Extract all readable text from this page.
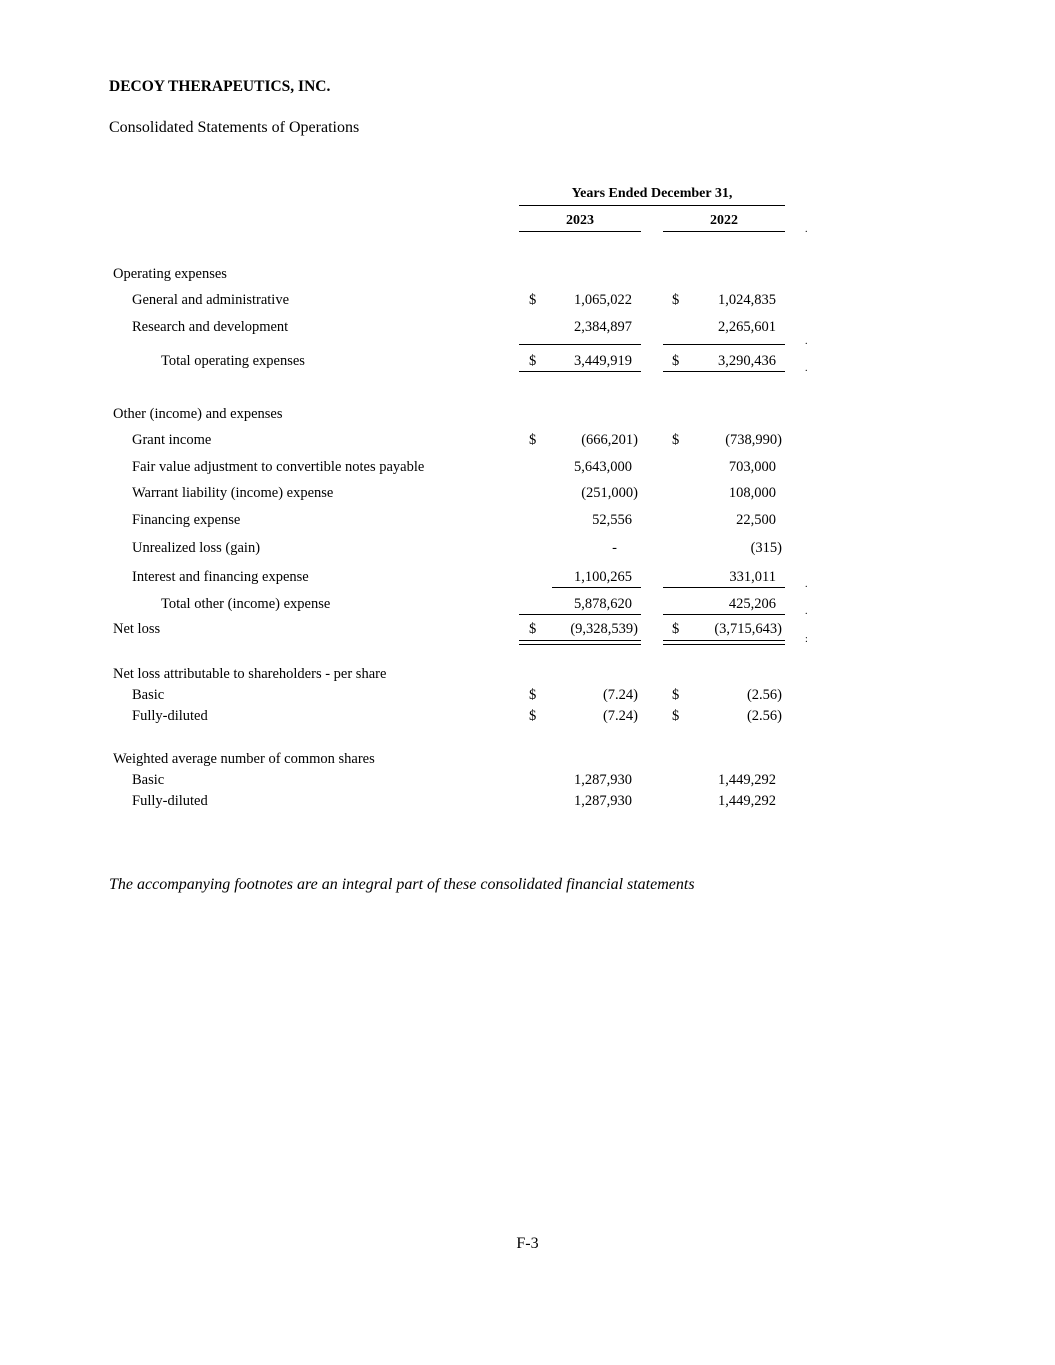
DECOY THERAPEUTICS, INC.
Consolidated Statements of Operations
Years Ended December 31,
2023	2022
.
Operating expenses
General and administrative	$	1,065,022	$	1,024,835
Research and development	2,384,897	2,265,601
.
Total operating expenses	$	3,449,919	$	3,290,436	.
Other (income) and expenses
Grant income	$	(666,201) $	(738,990)
Fair value adjustment to convertible notes payable	5,643,000	703,000
Warrant liability (income) expense	(251,000)	108,000
Financing expense	52,556	22,500
Unrealized loss (gain)	-	(315)
Interest and financing expense	1,100,265	331,011	.
Total other (income) expense	5,878,620	425,206	.
Net loss	$	(9,328,539) $	(3,715,643)
:
Net loss attributable to shareholders - per share
Basic	$	(7.24) $	(2.56)
Fully-diluted	$	(7.24) $	(2.56)
Weighted average number of common shares
Basic	1,287,930	1,449,292
Fully-diluted	1,287,930	1,449,292
The accompanying footnotes are an integral part of these consolidated financial statements
F-3
